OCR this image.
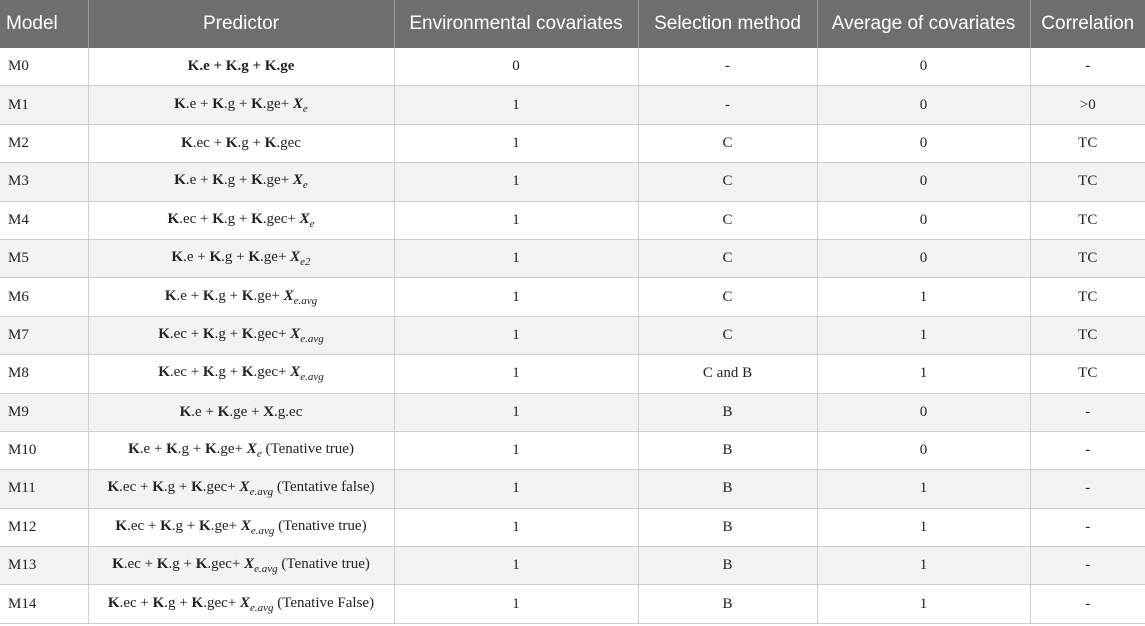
Model	Predictor	Environmental covariates	Selection method	Average of covariates	Correlation
M0	K.e + K.g + K.ge	0	-	0	-
M1	$K.e + K.g + K.ge+ X_e$	1	-	0	>0
M2	K.ec + K.g + K.gec	1	C	0	TC
M3	$K.e + K.g + K.ge+ X_e$	1	C	0	TC
M4	$K.ec + K.g + K.gec+ X_e$	1	C	0	TC
M5	$K.e + K.g + K.ge+ X_{e2}$	1	C	0	TC
M6	$K.e + K.g + K.ge+ X_{e.avg}$	1	C	1	TC
M7	$K.ec + K.g + K.gec+ X_{e.avg}$	1	C	1	TC
M8	$K.ec + K.g + K.gec+ X_{e.avg}$	1	C and B	1	TC
M9	K.e + K.ge + X.g.ec	1	B	0	-
M10	$K.e + K.g + K.ge+ X_e$ (Tenative true)	1	B	0	-
M11	$K.ec + K.g + K.gec+ X_{e.avg}$ (Tentative false)	1	B	1	-
M12	$K.ec + K.g + K.ge+ X_{e.avg}$ (Tenative true)	1	B	1	-
M13	$K.ec + K.g + K.gec+ X_{e.avg}$ (Tenative true)	1	B	1	-
M14	$K.ec + K.g + K.gec+ X_{e.avg}$ (Tenative False)	1	B	1	-
